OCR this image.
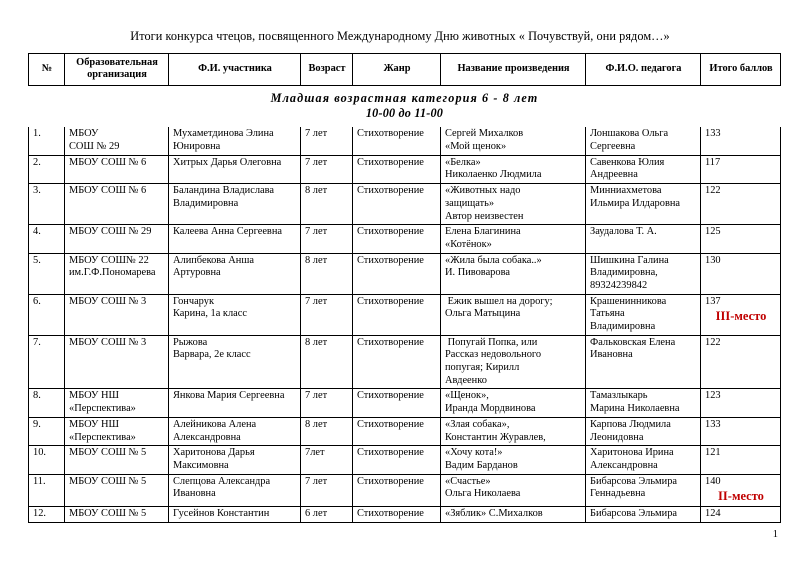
Итоги конкурса чтецов, посвященного Международному Дню животных « Почувствуй, они рядом…»
№	Образовательная организация	Ф.И. участника	Возраст	Жанр	Название произведения	Ф.И.О. педагога	Итого баллов

Младшая возрастная категория 6 - 8 лет
10-00 до 11-00							

1.	МБОУ
СОШ № 29	Мухаметдинова Элина
Юнировна	7 лет	Стихотворение	Сергей Михалков
«Мой щенок»	Лоншакова Ольга
Сергеевна	133
2.	МБОУ СОШ № 6	Хитрых Дарья Олеговна	7 лет	Стихотворение	«Белка»
Николаенко Людмила	Савенкова Юлия
Андреевна	117
3.	МБОУ СОШ № 6	Баландина Владислава
Владимировна	8 лет	Стихотворение	«Животных надо
защищать»
Автор неизвестен	Минниахметова
Ильмира Илдаровна	122
4.	МБОУ СОШ № 29	Калеева Анна Сергеевна	7 лет	Стихотворение	Елена Благинина
«Котёнок»	Заудалова Т. А.	125
5.	МБОУ СОШ№ 22
им.Г.Ф.Пономарева	Алипбекова Анша
Артуровна	8 лет	Стихотворение	«Жила была собака..»
И. Пивоварова	Шишкина Галина
Владимировна,
89324239842	130
6.	МБОУ СОШ № 3	Гончарук
Карина, 1а класс	7 лет	Стихотворение	Ежик вышел на дорогу;
Ольга Матыцина	Крашенинникова
Татьяна
Владимировна	137
III-место

7.	МБОУ СОШ № 3	Рыжова
Варвара, 2е класс	8 лет	Стихотворение	Попугай Попка, или
Рассказ недовольного
попугая; Кирилл
Авдеенко	Фальковская Елена
Ивановна	122
8.	МБОУ НШ
«Перспектива»	Янкова Мария Сергеевна	7 лет	Стихотворение	«Щенок»,
Иранда Мордвинова	Тамазлыкарь
Марина Николаевна	123
9.	МБОУ НШ
«Перспектива»	Алейникова Алена
Александровна	8 лет	Стихотворение	«Злая собака»,
Константин Журавлев,	Карпова Людмила
Леонидовна	133
10.	МБОУ СОШ № 5	Харитонова Дарья
Максимовна	7лет	Стихотворение	«Хочу кота!»
Вадим Барданов	Харитонова Ирина
Александровна	121
11.	МБОУ СОШ № 5	Слепцова Александра
Ивановна	7 лет	Стихотворение	«Счастье»
Ольга Николаева	Бибарсова Эльмира
Геннадьевна	140
II-место

12.	МБОУ СОШ № 5	Гусейнов Константин	6 лет	Стихотворение	«Зяблик» С.Михалков	Бибарсова Эльмира	124
1
